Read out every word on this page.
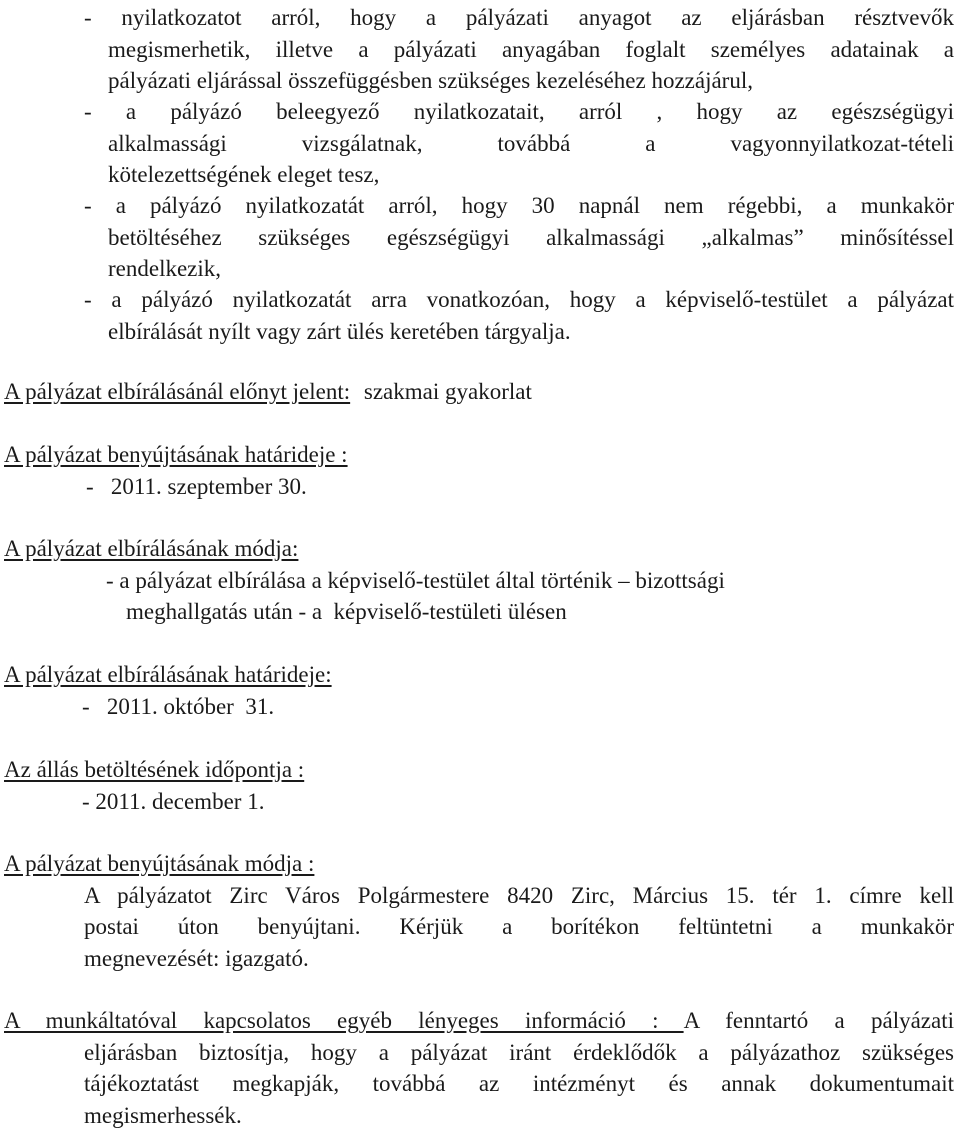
- nyilatkozatot arról, hogy a pályázati anyagot az eljárásban résztvevők
megismerhetik, illetve a pályázati anyagában foglalt személyes adatainak a
pályázati eljárással összefüggésben szükséges kezeléséhez hozzájárul,
- a pályázó beleegyező nyilatkozatait, arról , hogy az egészségügyi
alkalmassági vizsgálatnak, továbbá a vagyonnyilatkozat-tételi
kötelezettségének eleget tesz,
- a pályázó nyilatkozatát arról, hogy 30 napnál nem régebbi, a munkakör
betöltéséhez szükséges egészségügyi alkalmassági „alkalmas” minősítéssel
rendelkezik,
- a pályázó nyilatkozatát arra vonatkozóan, hogy a képviselő-testület a pályázat
elbírálását nyílt vagy zárt ülés keretében tárgyalja.
A pályázat elbírálásánál előnyt jelent: szakmai gyakorlat
A pályázat benyújtásának határideje :
-   2011. szeptember 30.
A pályázat elbírálásának módja:
- a pályázat elbírálása a képviselő-testület által történik – bizottsági
meghallgatás után - a  képviselő-testületi ülésen
A pályázat elbírálásának határideje:
-   2011. október  31.
Az állás betöltésének időpontja :
- 2011. december 1.
A pályázat benyújtásának módja :
A pályázatot Zirc Város Polgármestere 8420 Zirc, Március 15. tér 1. címre kell
postai úton benyújtani. Kérjük a borítékon feltüntetni a munkakör
megnevezését: igazgató.
A munkáltatóval kapcsolatos egyéb lényeges információ : A fenntartó a pályázati
eljárásban biztosítja, hogy a pályázat iránt érdeklődők a pályázathoz szükséges
tájékoztatást megkapják, továbbá az intézményt és annak dokumentumait
megismerhessék.
